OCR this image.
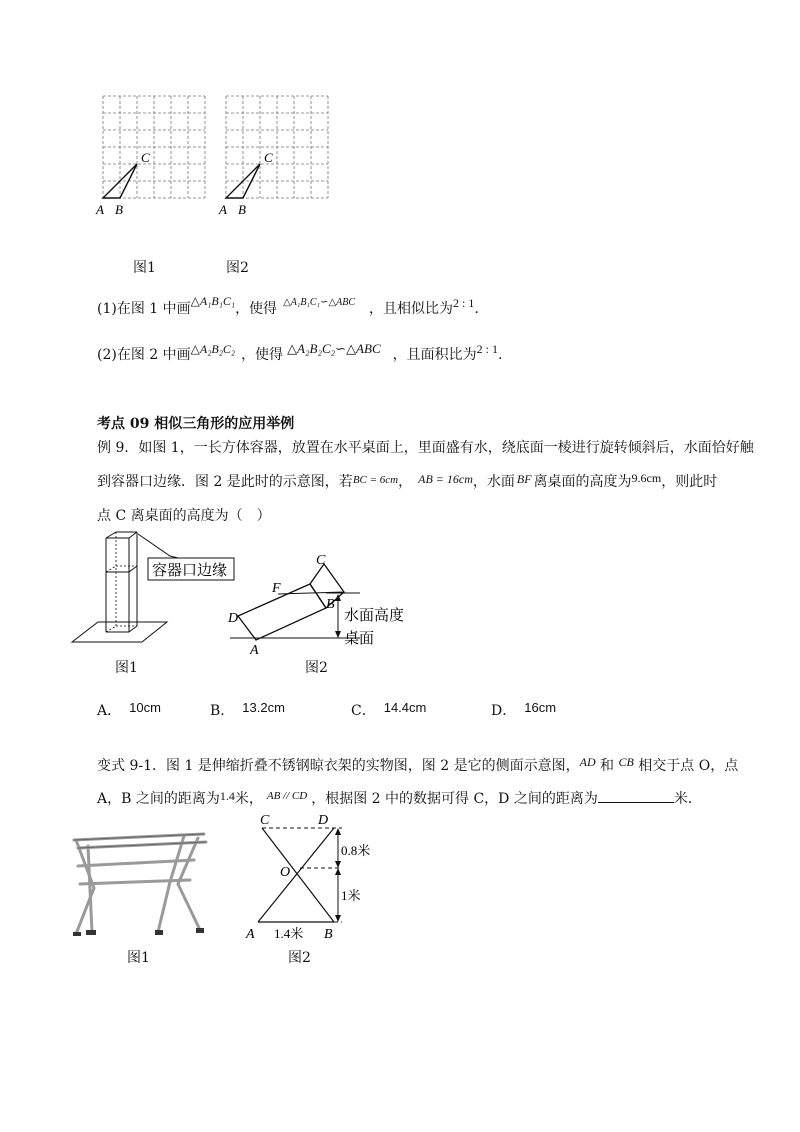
C
A B
C
A B
图1	图2
(1)在图 1 中画△A₁B₁C₁，使得 $^{\triangle A_1B_1C_1∽\triangle ABC}$ ，且相似比为2 : 1.
(2)在图 2 中画△A₂B₂C₂ ，使得 △A₂B₂C₂∽△ABC ，且面积比为2 : 1.
考点 09 相似三角形的应用举例
例 9．如图 1，一长方体容器，放置在水平桌面上，里面盛有水，绕底面一棱进行旋转倾斜后，水面恰好触
到容器口边缘．图 2 是此时的示意图，若$^{BC = 6cm}$， AB = 16cm，水面 BF 离桌面的高度为9.6cm，则此时
点 C 离桌面的高度为（　）
容器口边缘
图1
C
F
B
D
A
水面高度
桌面
图2
A． 10cm	B． 13.2cm	C． 14.4cm	D． 16cm
变式 9-1．图 1 是伸缩折叠不锈钢晾衣架的实物图，图 2 是它的侧面示意图，AD 和 CB 相交于点 O，点
A，B 之间的距离为1.4米， $^{AB // CD}$ ，根据图 2 中的数据可得 C，D 之间的距离为	米．
图1
C	D
O
A	B
0.8米
1米
1.4米
图2
